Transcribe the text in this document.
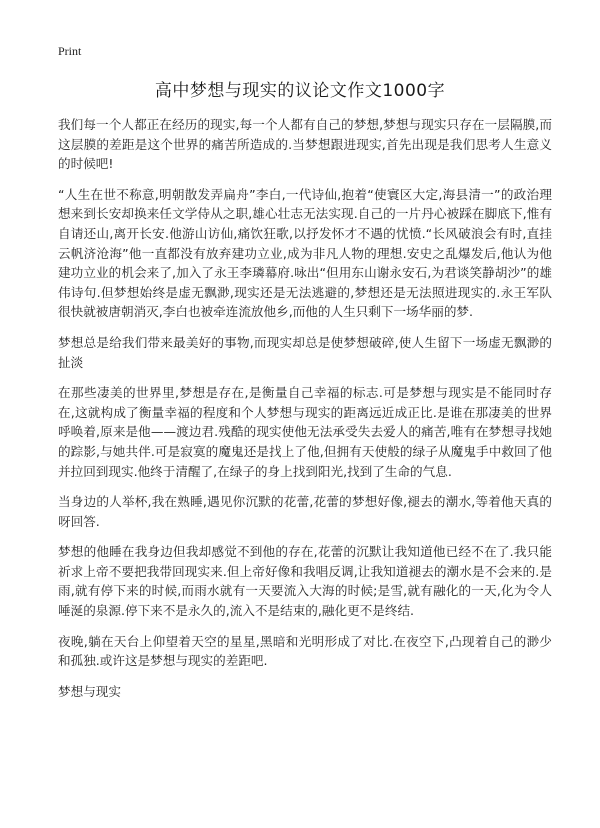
Print
高中梦想与现实的议论文作文1000字

我们每一个人都正在经历的现实,每一个人都有自己的梦想,梦想与现实只存在一层隔膜,而这层膜的差距是这个世界的痛苦所造成的.当梦想跟进现实,首先出现是我们思考人生意义的时候吧!

“人生在世不称意,明朝散发弄扁舟”李白,一代诗仙,抱着“使寰区大定,海县清一”的政治理想来到长安却换来任文学侍从之职,雄心壮志无法实现.自己的一片丹心被踩在脚底下,惟有自请还山,离开长安.他游山访仙,痛饮狂歌,以抒发怀才不遇的忧愤.“长风破浪会有时,直挂云帆济沧海”他一直都没有放弃建功立业,成为非凡人物的理想.安史之乱爆发后,他认为他建功立业的机会来了,加入了永王李璘幕府.咏出“但用东山谢永安石,为君谈笑静胡沙”的雄伟诗句.但梦想始终是虚无飘渺,现实还是无法逃避的,梦想还是无法照进现实的.永王军队很快就被唐朝消灭,李白也被牵连流放他乡,而他的人生只剩下一场华丽的梦.

梦想总是给我们带来最美好的事物,而现实却总是使梦想破碎,使人生留下一场虚无飘渺的扯淡

在那些凄美的世界里,梦想是存在,是衡量自己幸福的标志.可是梦想与现实是不能同时存在,这就构成了衡量幸福的程度和个人梦想与现实的距离远近成正比.是谁在那凄美的世界呼唤着,原来是他——渡边君.残酷的现实使他无法承受失去爱人的痛苦,唯有在梦想寻找她的踪影,与她共伴.可是寂寞的魔鬼还是找上了他,但拥有天使般的绿子从魔鬼手中救回了他并拉回到现实.他终于清醒了,在绿子的身上找到阳光,找到了生命的气息.

当身边的人举杯,我在熟睡,遇见你沉默的花蕾,花蕾的梦想好像,褪去的潮水,等着他天真的呀回答.

梦想的他睡在我身边但我却感觉不到他的存在,花蕾的沉默让我知道他已经不在了.我只能祈求上帝不要把我带回现实来.但上帝好像和我唱反调,让我知道褪去的潮水是不会来的.是雨,就有停下来的时候,而雨水就有一天要流入大海的时候;是雪,就有融化的一天,化为令人唾涎的泉源.停下来不是永久的,流入不是结束的,融化更不是终结.

夜晚,躺在天台上仰望着天空的星星,黑暗和光明形成了对比.在夜空下,凸现着自己的渺少和孤独.或许这是梦想与现实的差距吧.

梦想与现实
